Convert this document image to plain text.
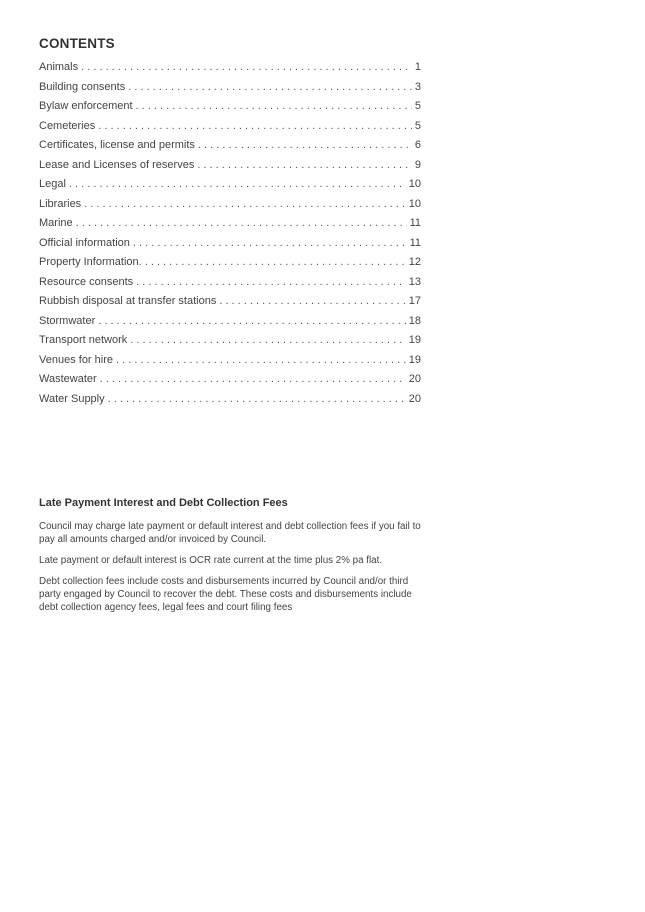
CONTENTS
Animals . . .	1
Building consents . . .	3
Bylaw enforcement . . .	5
Cemeteries . . .	5
Certificates, license and permits . . .	6
Lease and Licenses of reserves . . .	9
Legal . . .	10
Libraries . . .	10
Marine . . .	11
Official information . . .	11
Property Information. . . .	12
Resource consents . . .	13
Rubbish disposal at transfer stations . . .	17
Stormwater . . .	18
Transport network . . .	19
Venues for hire . . .	19
Wastewater . . .	20
Water Supply . . .	20
Late Payment Interest and Debt Collection Fees

Council may charge late payment or default interest and debt collection fees if you fail to pay all amounts charged and/or invoiced by Council.

Late payment or default interest is OCR rate current at the time plus 2% pa flat.

Debt collection fees include costs and disbursements incurred by Council and/or third party engaged by Council to recover the debt. These costs and disbursements include debt collection agency fees, legal fees and court filing fees
